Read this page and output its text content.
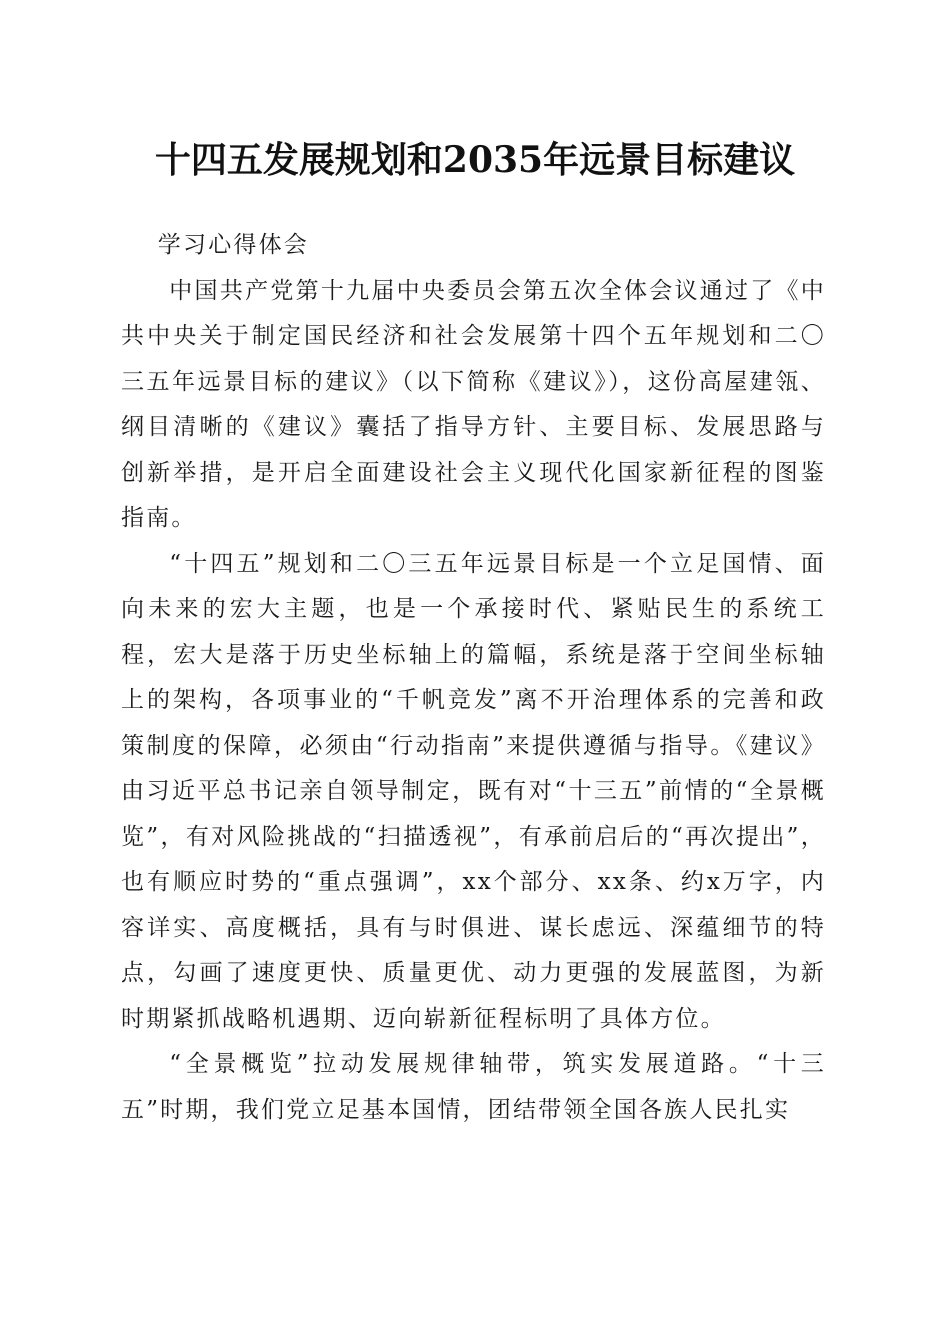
十四五发展规划和2035年远景目标建议

学习心得体会

中国共产党第十九届中央委员会第五次全体会议通过了《中共中央关于制定国民经济和社会发展第十四个五年规划和二〇三五年远景目标的建议》（以下简称《建议》），这份高屋建瓴、纲目清晰的《建议》囊括了指导方针、主要目标、发展思路与创新举措，是开启全面建设社会主义现代化国家新征程的图鉴指南。

“十四五”规划和二〇三五年远景目标是一个立足国情、面向未来的宏大主题，也是一个承接时代、紧贴民生的系统工程，宏大是落于历史坐标轴上的篇幅，系统是落于空间坐标轴上的架构，各项事业的“千帆竞发”离不开治理体系的完善和政策制度的保障，必须由“行动指南”来提供遵循与指导。《建议》由习近平总书记亲自领导制定，既有对“十三五”前情的“全景概览”，有对风险挑战的“扫描透视”，有承前启后的“再次提出”，也有顺应时势的“重点强调”，xx个部分、xx条、约x万字，内容详实、高度概括，具有与时俱进、谋长虑远、深蕴细节的特点，勾画了速度更快、质量更优、动力更强的发展蓝图，为新时期紧抓战略机遇期、迈向崭新征程标明了具体方位。

“全景概览”拉动发展规律轴带，筑实发展道路。“十三五”时期，我们党立足基本国情，团结带领全国各族人民扎实
